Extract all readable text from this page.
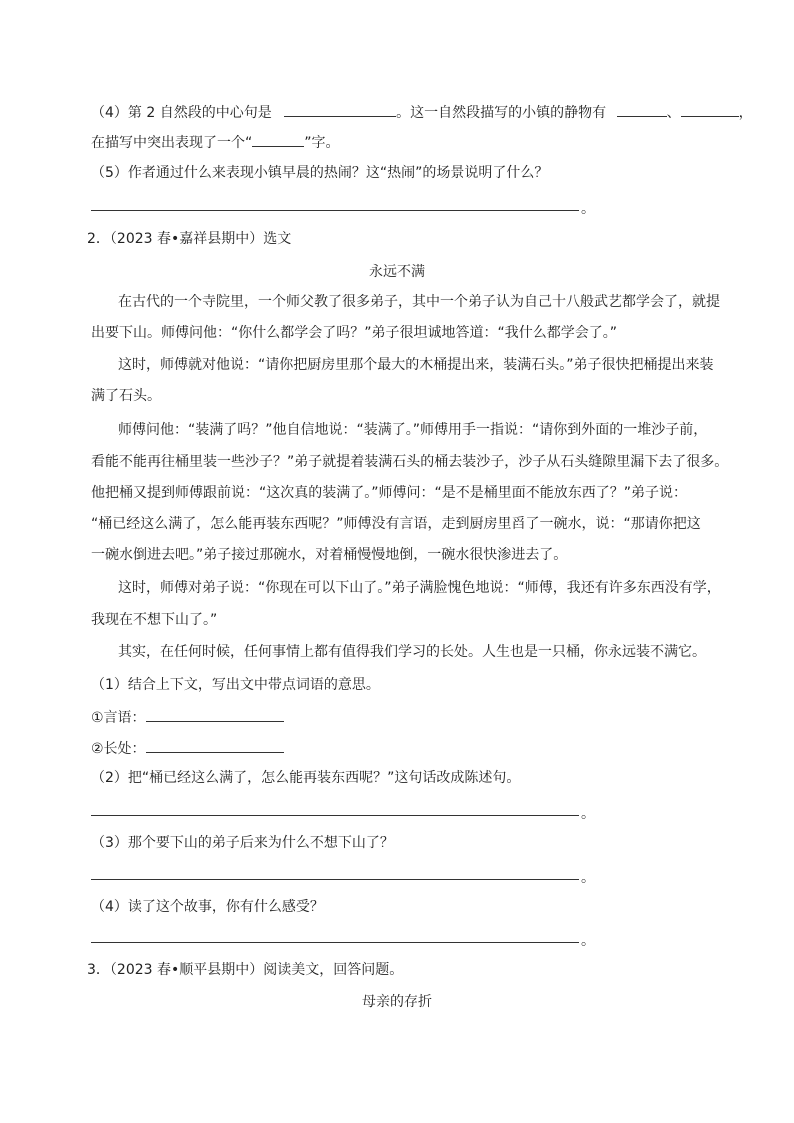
（4）第 2 自然段的中心句是	。这一自然段描写的小镇的静物有	、	，
在描写中突出表现了一个“	”字。
（5）作者通过什么来表现小镇早晨的热闹？这“热闹”的场景说明了什么？
。
2．（2023 春•嘉祥县期中）选文
永远不满
在古代的一个寺院里，一个师父教了很多弟子，其中一个弟子认为自己十八般武艺都学会了，就提
出要下山。师傅问他：“你什么都学会了吗？”弟子很坦诚地答道：“我什么都学会了。”
这时，师傅就对他说：“请你把厨房里那个最大的木桶提出来，装满石头。”弟子很快把桶提出来装
满了石头。
师傅问他：“装满了吗？”他自信地说：“装满了。”师傅用手一指说：“请你到外面的一堆沙子前，
看能不能再往桶里装一些沙子？”弟子就提着装满石头的桶去装沙子，沙子从石头缝隙里漏下去了很多。
他把桶又提到师傅跟前说：“这次真的装满了。”师傅问：“是不是桶里面不能放东西了？”弟子说：
“桶已经这么满了，怎么能再装东西呢？”师傅没有言语，走到厨房里舀了一碗水，说：“那请你把这
一碗水倒进去吧。”弟子接过那碗水，对着桶慢慢地倒，一碗水很快渗进去了。
这时，师傅对弟子说：“你现在可以下山了。”弟子满脸愧色地说：“师傅，我还有许多东西没有学，
我现在不想下山了。”
其实，在任何时候，任何事情上都有值得我们学习的长处。人生也是一只桶，你永远装不满它。
（1）结合上下文，写出文中带点词语的意思。
①言语：
②长处：
（2）把“桶已经这么满了，怎么能再装东西呢？”这句话改成陈述句。
。
（3）那个要下山的弟子后来为什么不想下山了？
。
（4）读了这个故事，你有什么感受？
。
3．（2023 春•顺平县期中）阅读美文，回答问题。
母亲的存折
